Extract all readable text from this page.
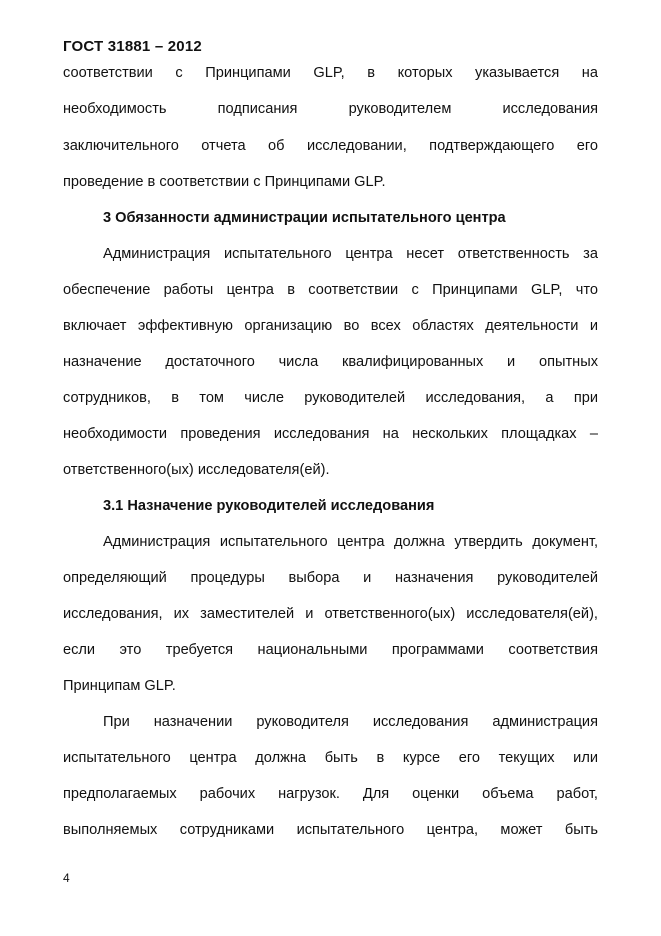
ГОСТ 31881 – 2012
соответствии с Принципами GLP, в которых указывается на
необходимость подписания руководителем исследования
заключительного отчета об исследовании, подтверждающего его
проведение в соответствии с Принципами GLP.
3 Обязанности администрации испытательного центра
Администрация испытательного центра несет ответственность за
обеспечение работы центра в соответствии с Принципами GLP, что
включает эффективную организацию во всех областях деятельности и
назначение достаточного числа квалифицированных и опытных
сотрудников, в том числе руководителей исследования, а при
необходимости проведения исследования на нескольких площадках –
ответственного(ых) исследователя(ей).
3.1 Назначение руководителей исследования
Администрация испытательного центра должна утвердить документ,
определяющий процедуры выбора и назначения руководителей
исследования, их заместителей и ответственного(ых) исследователя(ей),
если это требуется национальными программами соответствия
Принципам GLP.
При назначении руководителя исследования администрация
испытательного центра должна быть в курсе его текущих или
предполагаемых рабочих нагрузок. Для оценки объема работ,
выполняемых сотрудниками испытательного центра, может быть
4
